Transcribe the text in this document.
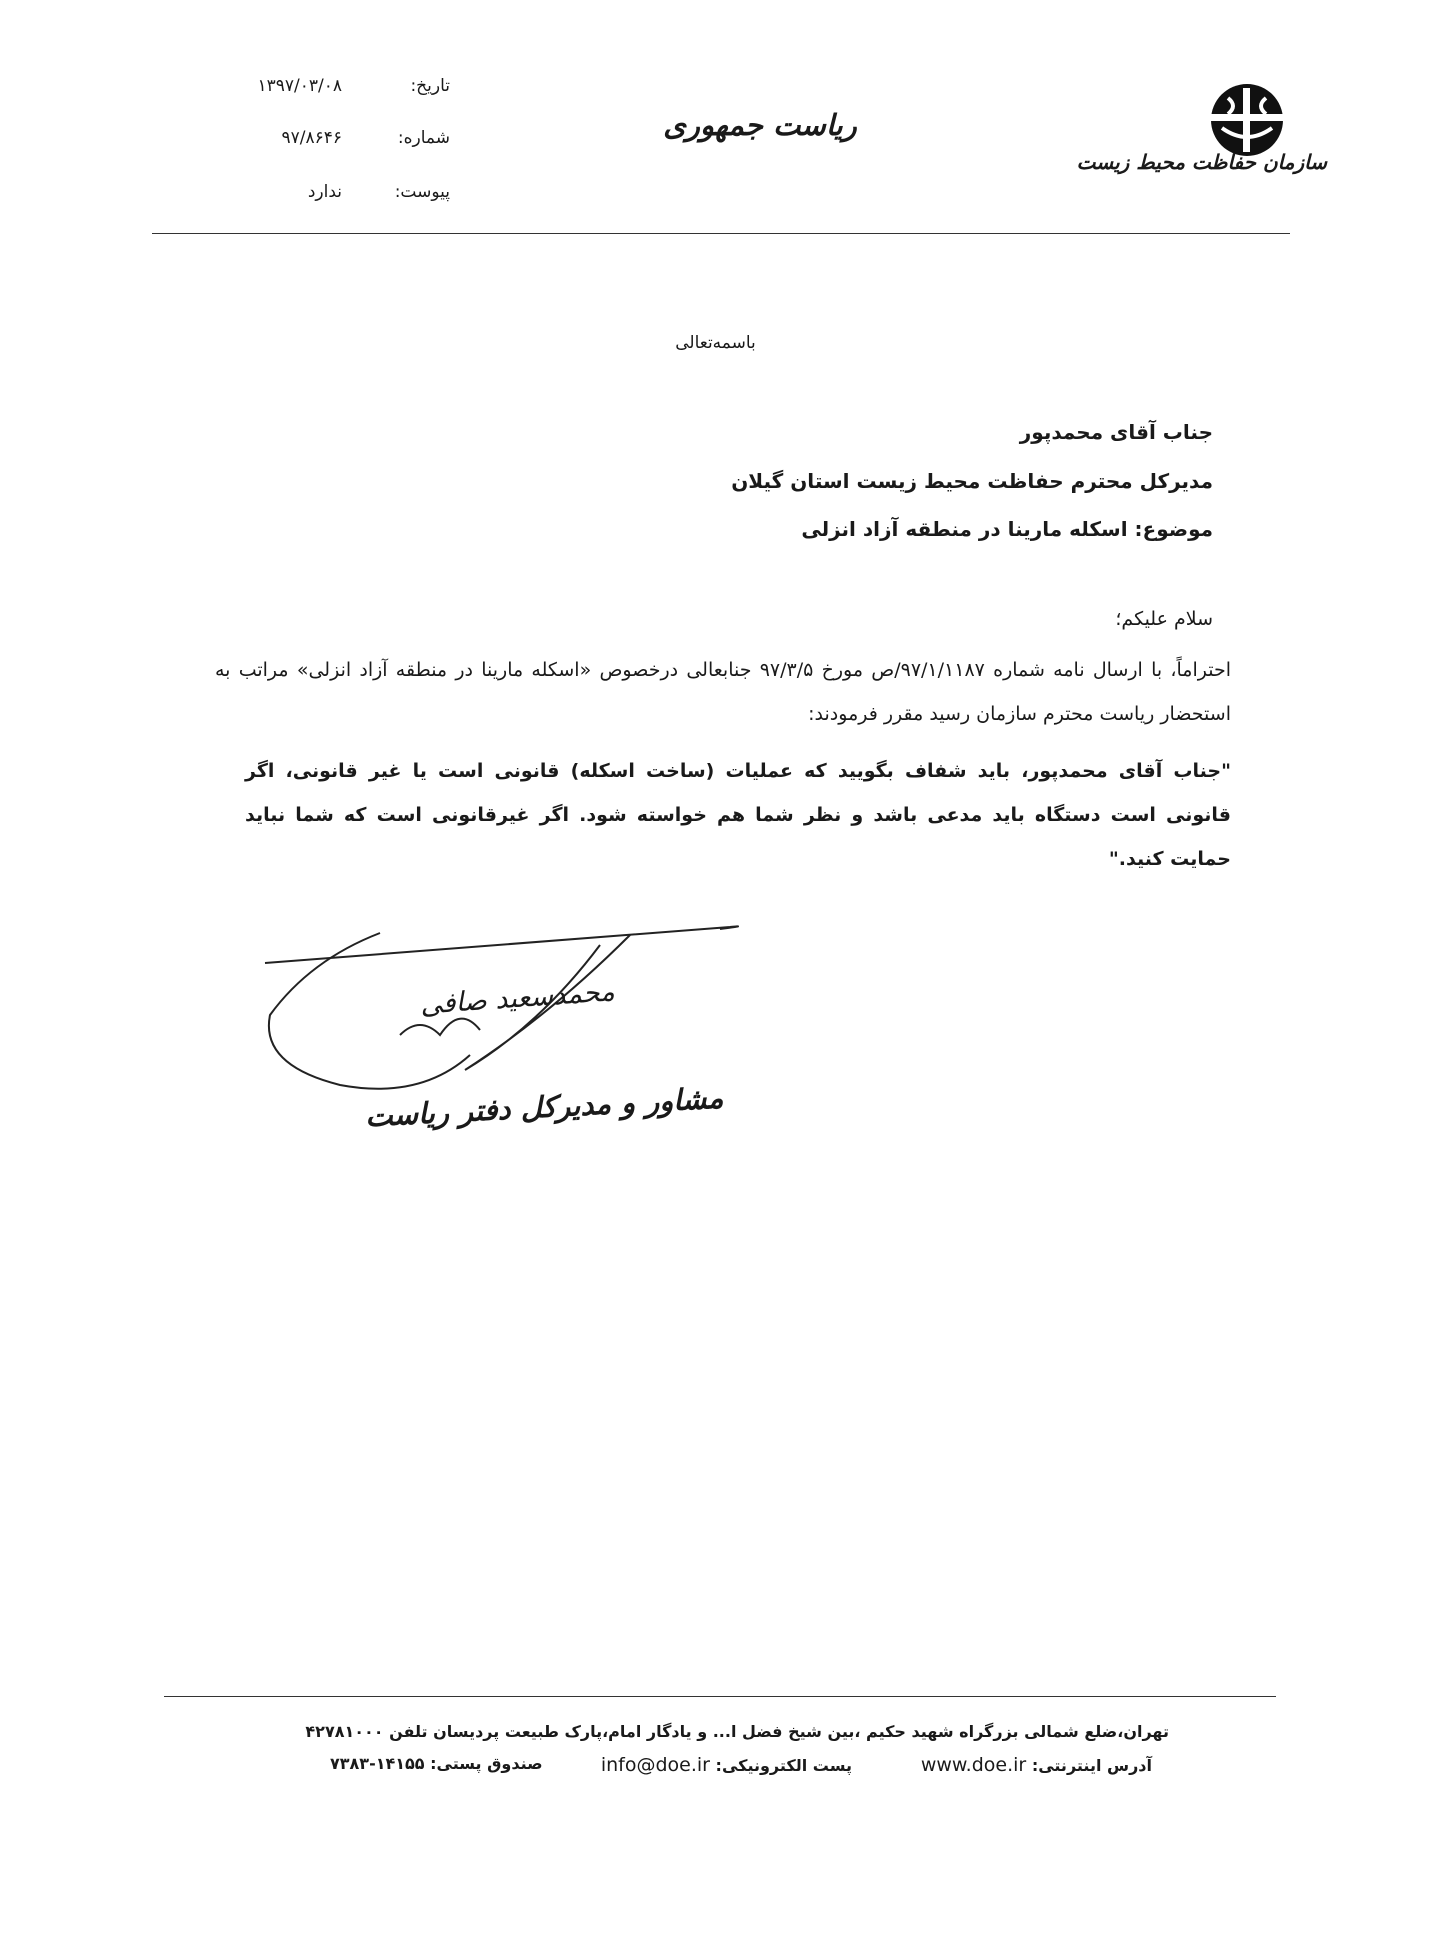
سازمان حفاظت محیط زیست
ریاست جمهوری
تاریخ:
۱۳۹۷/۰۳/۰۸
شماره:
۹۷/۸۶۴۶
پیوست:
ندارد
باسمه‌تعالی
جناب آقای محمدپور
مدیرکل محترم حفاظت محیط زیست استان گیلان
موضوع: اسکله مارینا در منطقه آزاد انزلی
سلام علیکم؛
احتراماً، با ارسال نامه شماره ۹۷/۱/۱۱۸۷/ص مورخ ۹۷/۳/۵ جنابعالی درخصوص «اسکله مارینا در منطقه آزاد انزلی» مراتب به استحضار ریاست محترم سازمان رسید مقرر فرمودند:
"جناب آقای محمدپور، باید شفاف بگویید که عملیات (ساخت اسکله) قانونی است یا غیر قانونی، اگر قانونی است دستگاه باید مدعی باشد و نظر شما هم خواسته شود. اگر غیرقانونی است که شما نباید حمایت کنید."
محمدسعید صافی
مشاور و مدیرکل دفتر ریاست
تهران،ضلع شمالی بزرگراه شهید حکیم ،بین شیخ فضل ا... و یادگار امام،پارک طبیعت پردیسان تلفن ۴۲۷۸۱۰۰۰
آدرس اینترنتی: www.doe.ir
پست الکترونیکی: info@doe.ir
صندوق پستی: ۱۴۱۵۵-۷۳۸۳
